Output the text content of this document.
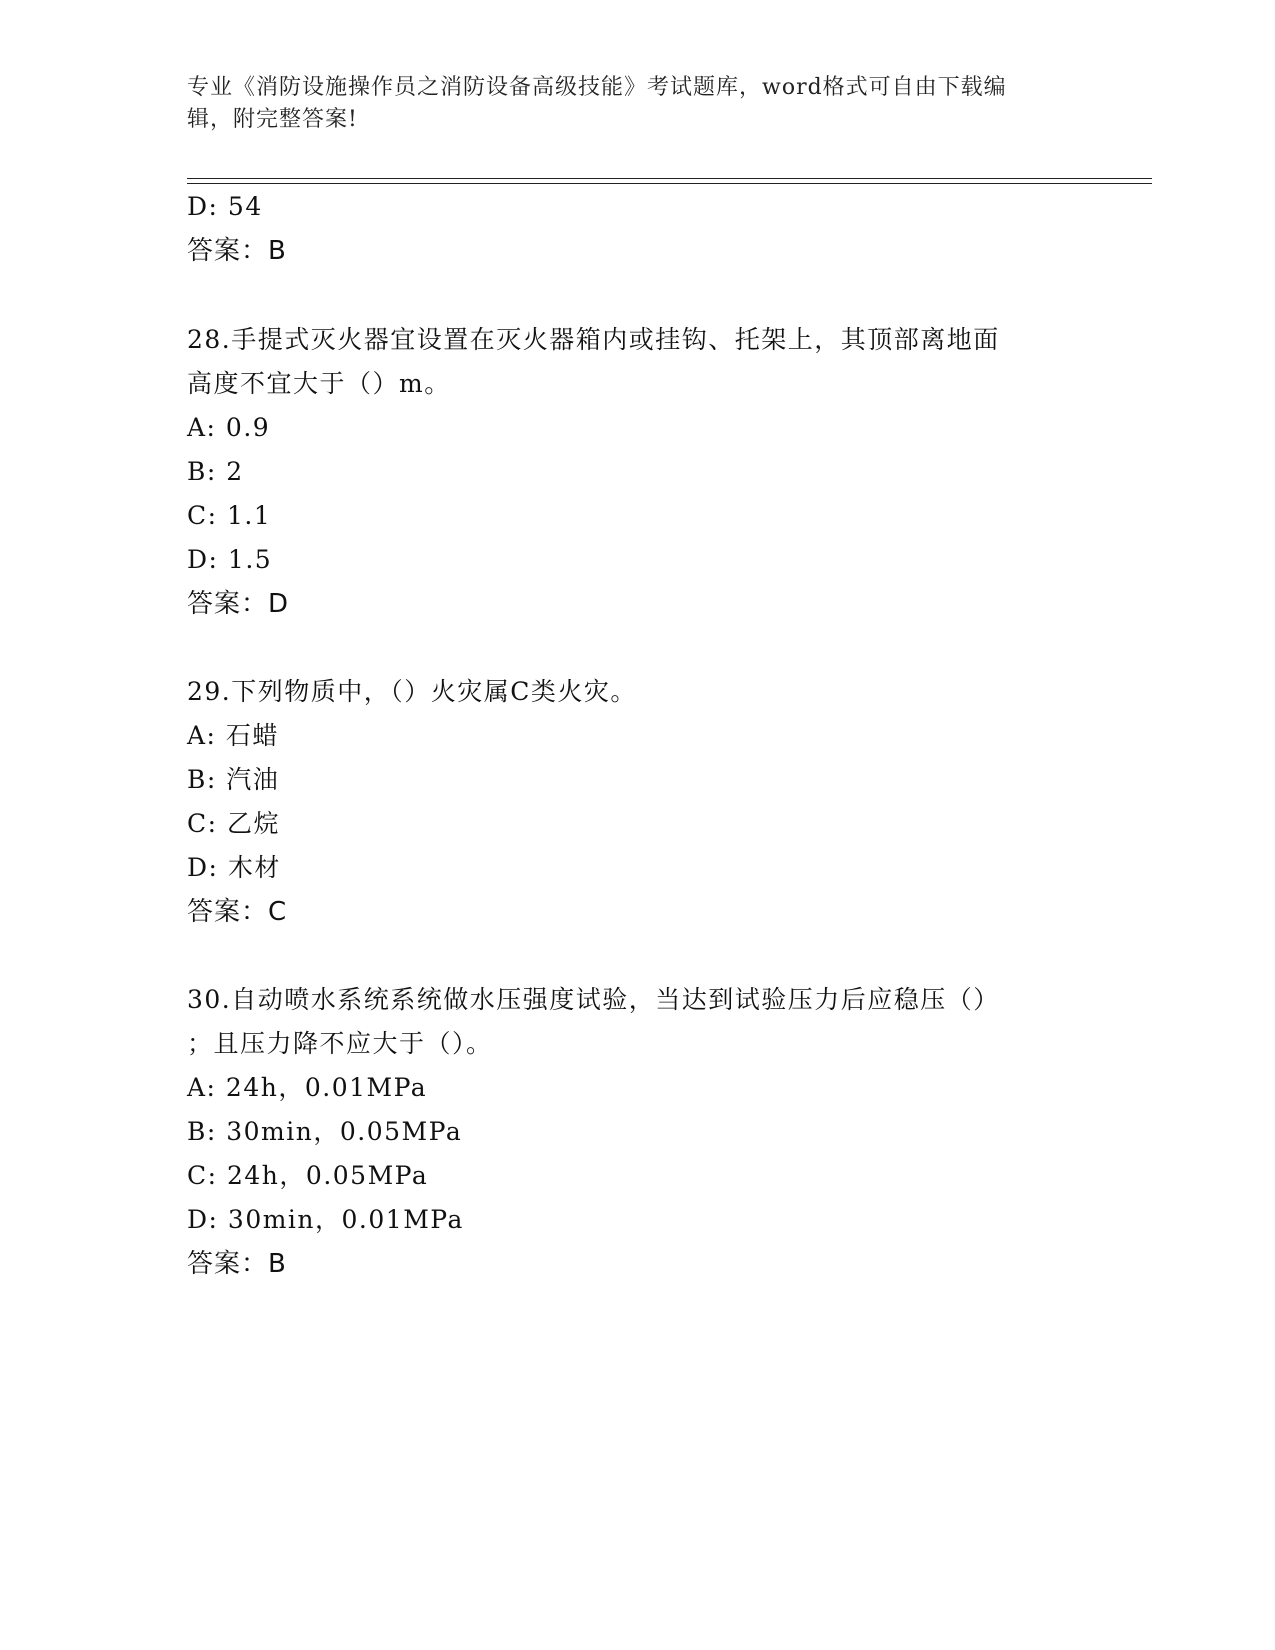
专业《消防设施操作员之消防设备高级技能》考试题库，word格式可自由下载编
辑，附完整答案!
D: 54
答案：B
28.手提式灭火器宜设置在灭火器箱内或挂钩、托架上，其顶部离地面
高度不宜大于（）m。
A: 0.9
B: 2
C: 1.1
D: 1.5
答案：D
29.下列物质中，（）火灾属C类火灾。
A: 石蜡
B: 汽油
C: 乙烷
D: 木材
答案：C
30.自动喷水系统系统做水压强度试验，当达到试验压力后应稳压（）
；且压力降不应大于（）。
A: 24h，0.01MPa
B: 30min，0.05MPa
C: 24h，0.05MPa
D: 30min，0.01MPa
答案：B
